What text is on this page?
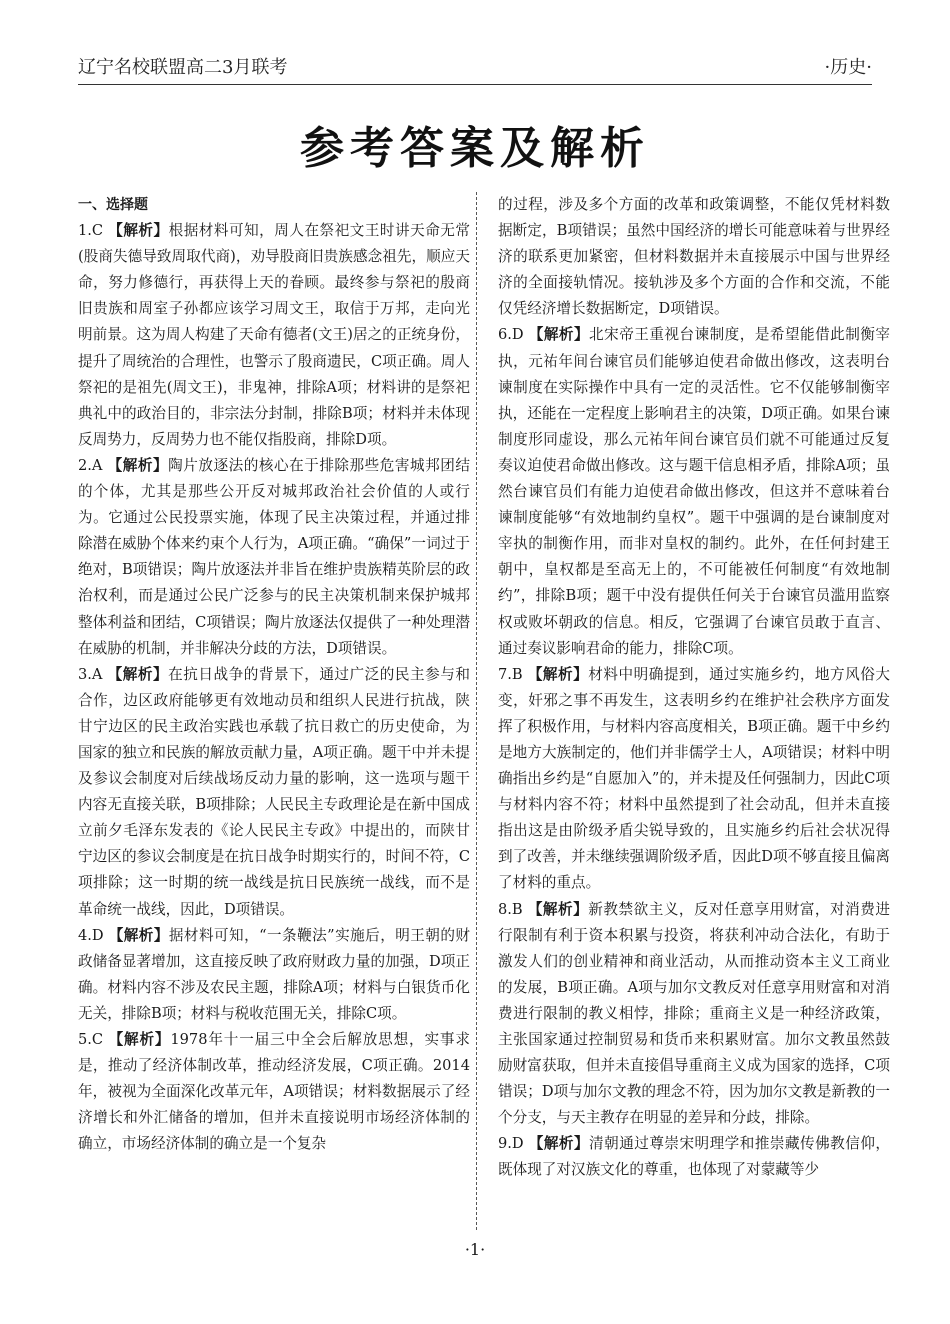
辽宁名校联盟高二3月联考	·历史·
参考答案及解析
一、选择题

1.C 【解析】根据材料可知，周人在祭祀文王时讲天命无常(股商失德导致周取代商)，劝导股商旧贵族感念祖先，顺应天命，努力修德行，再获得上天的眷顾。最终参与祭祀的殷商旧贵族和周室子孙都应该学习周文王，取信于万邦，走向光明前景。这为周人构建了天命有德者(文王)居之的正统身份，提升了周统治的合理性，也警示了殷商遗民，C项正确。周人祭祀的是祖先(周文王)，非鬼神，排除A项；材料讲的是祭祀典礼中的政治目的，非宗法分封制，排除B项；材料并未体现反周势力，反周势力也不能仅指股商，排除D项。

2.A 【解析】陶片放逐法的核心在于排除那些危害城邦团结的个体，尤其是那些公开反对城邦政治社会价值的人或行为。它通过公民投票实施，体现了民主决策过程，并通过排除潜在威胁个体来约束个人行为，A项正确。“确保”一词过于绝对，B项错误；陶片放逐法并非旨在维护贵族精英阶层的政治权利，而是通过公民广泛参与的民主决策机制来保护城邦整体利益和团结，C项错误；陶片放逐法仅提供了一种处理潜在威胁的机制，并非解决分歧的方法，D项错误。

3.A 【解析】在抗日战争的背景下，通过广泛的民主参与和合作，边区政府能够更有效地动员和组织人民进行抗战，陕甘宁边区的民主政治实践也承载了抗日救亡的历史使命，为国家的独立和民族的解放贡献力量，A项正确。题干中并未提及参议会制度对后续战场反动力量的影响，这一选项与题干内容无直接关联，B项排除；人民民主专政理论是在新中国成立前夕毛泽东发表的《论人民民主专政》中提出的，而陕甘宁边区的参议会制度是在抗日战争时期实行的，时间不符，C项排除；这一时期的统一战线是抗日民族统一战线，而不是革命统一战线，因此，D项错误。

4.D 【解析】据材料可知，“一条鞭法”实施后，明王朝的财政储备显著增加，这直接反映了政府财政力量的加强，D项正确。材料内容不涉及农民主题，排除A项；材料与白银货币化无关，排除B项；材料与税收范围无关，排除C项。

5.C 【解析】1978年十一届三中全会后解放思想，实事求是，推动了经济体制改革，推动经济发展，C项正确。2014年，被视为全面深化改革元年，A项错误；材料数据展示了经济增长和外汇储备的增加，但并未直接说明市场经济体制的确立，市场经济体制的确立是一个复杂

的过程，涉及多个方面的改革和政策调整，不能仅凭材料数据断定，B项错误；虽然中国经济的增长可能意味着与世界经济的联系更加紧密，但材料数据并未直接展示中国与世界经济的全面接轨情况。接轨涉及多个方面的合作和交流，不能仅凭经济增长数据断定，D项错误。

6.D 【解析】北宋帝王重视台谏制度，是希望能借此制衡宰执，元祐年间台谏官员们能够迫使君命做出修改，这表明台谏制度在实际操作中具有一定的灵活性。它不仅能够制衡宰执，还能在一定程度上影响君主的决策，D项正确。如果台谏制度形同虚设，那么元祐年间台谏官员们就不可能通过反复奏议迫使君命做出修改。这与题干信息相矛盾，排除A项；虽然台谏官员们有能力迫使君命做出修改，但这并不意味着台谏制度能够“有效地制约皇权”。题干中强调的是台谏制度对宰执的制衡作用，而非对皇权的制约。此外，在任何封建王朝中，皇权都是至高无上的，不可能被任何制度“有效地制约”，排除B项；题干中没有提供任何关于台谏官员滥用监察权或败坏朝政的信息。相反，它强调了台谏官员敢于直言、通过奏议影响君命的能力，排除C项。

7.B 【解析】材料中明确提到，通过实施乡约，地方风俗大变，奸邪之事不再发生，这表明乡约在维护社会秩序方面发挥了积极作用，与材料内容高度相关，B项正确。题干中乡约是地方大族制定的，他们并非儒学士人，A项错误；材料中明确指出乡约是“自愿加入”的，并未提及任何强制力，因此C项与材料内容不符；材料中虽然提到了社会动乱，但并未直接指出这是由阶级矛盾尖锐导致的，且实施乡约后社会状况得到了改善，并未继续强调阶级矛盾，因此D项不够直接且偏离了材料的重点。

8.B 【解析】新教禁欲主义，反对任意享用财富，对消费进行限制有利于资本积累与投资，将获利冲动合法化，有助于激发人们的创业精神和商业活动，从而推动资本主义工商业的发展，B项正确。A项与加尔文教反对任意享用财富和对消费进行限制的教义相悖，排除；重商主义是一种经济政策，主张国家通过控制贸易和货币来积累财富。加尔文教虽然鼓励财富获取，但并未直接倡导重商主义成为国家的选择，C项错误；D项与加尔文教的理念不符，因为加尔文教是新教的一个分支，与天主教存在明显的差异和分歧，排除。

9.D 【解析】清朝通过尊崇宋明理学和推崇藏传佛教信仰，既体现了对汉族文化的尊重，也体现了对蒙藏等少

·1·
